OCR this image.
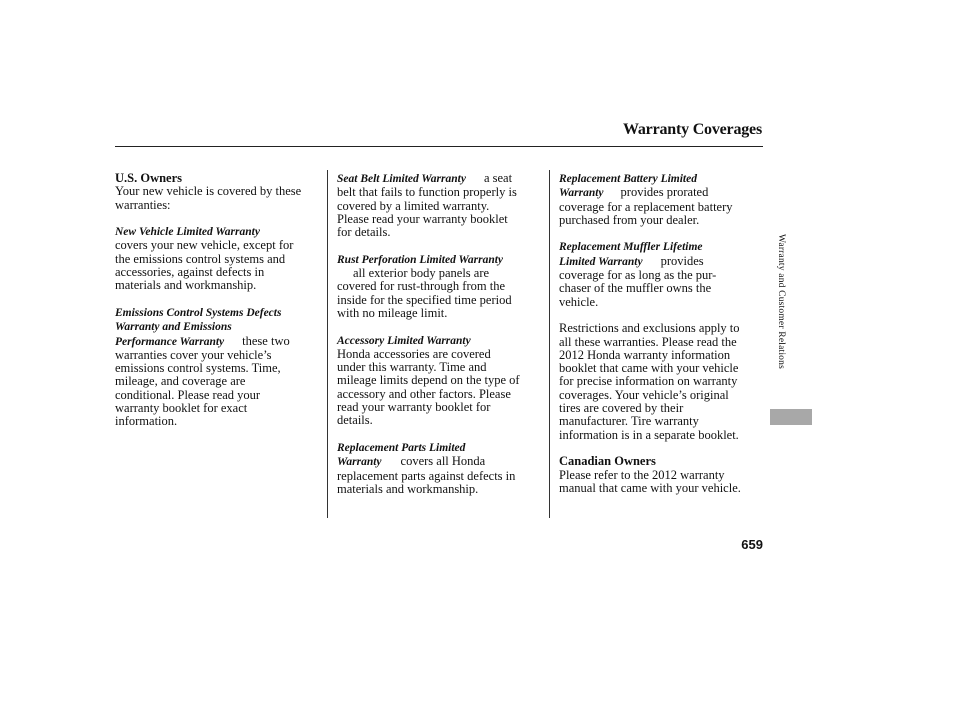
Warranty Coverages

U.S. Owners

Your new vehicle is covered by these

warranties:

New Vehicle Limited Warranty

covers your new vehicle, except for

the emissions control systems and

accessories, against defects in

materials and workmanship.

Emissions Control Systems Defects

Warranty and Emissions

Performance Warranty these two

warranties cover your vehicle’s

emissions control systems. Time,

mileage, and coverage are

conditional. Please read your

warranty booklet for exact

information.

Seat Belt Limited Warranty a seat

belt that fails to function properly is

covered by a limited warranty.

Please read your warranty booklet

for details.

Rust Perforation Limited Warranty

all exterior body panels are

covered for rust-through from the

inside for the specified time period

with no mileage limit.

Accessory Limited Warranty

Honda accessories are covered

under this warranty. Time and

mileage limits depend on the type of

accessory and other factors. Please

read your warranty booklet for

details.

Replacement Parts Limited

Warranty covers all Honda

replacement parts against defects in

materials and workmanship.

Replacement Battery Limited

Warranty provides prorated

coverage for a replacement battery

purchased from your dealer.

Replacement Muffler Lifetime

Limited Warranty provides

coverage for as long as the pur-

chaser of the muffler owns the

vehicle.

Restrictions and exclusions apply to

all these warranties. Please read the

2012 Honda warranty information

booklet that came with your vehicle

for precise information on warranty

coverages. Your vehicle’s original

tires are covered by their

manufacturer. Tire warranty

information is in a separate booklet.

Canadian Owners

Please refer to the 2012 warranty

manual that came with your vehicle.

Warranty and Customer Relations
659
